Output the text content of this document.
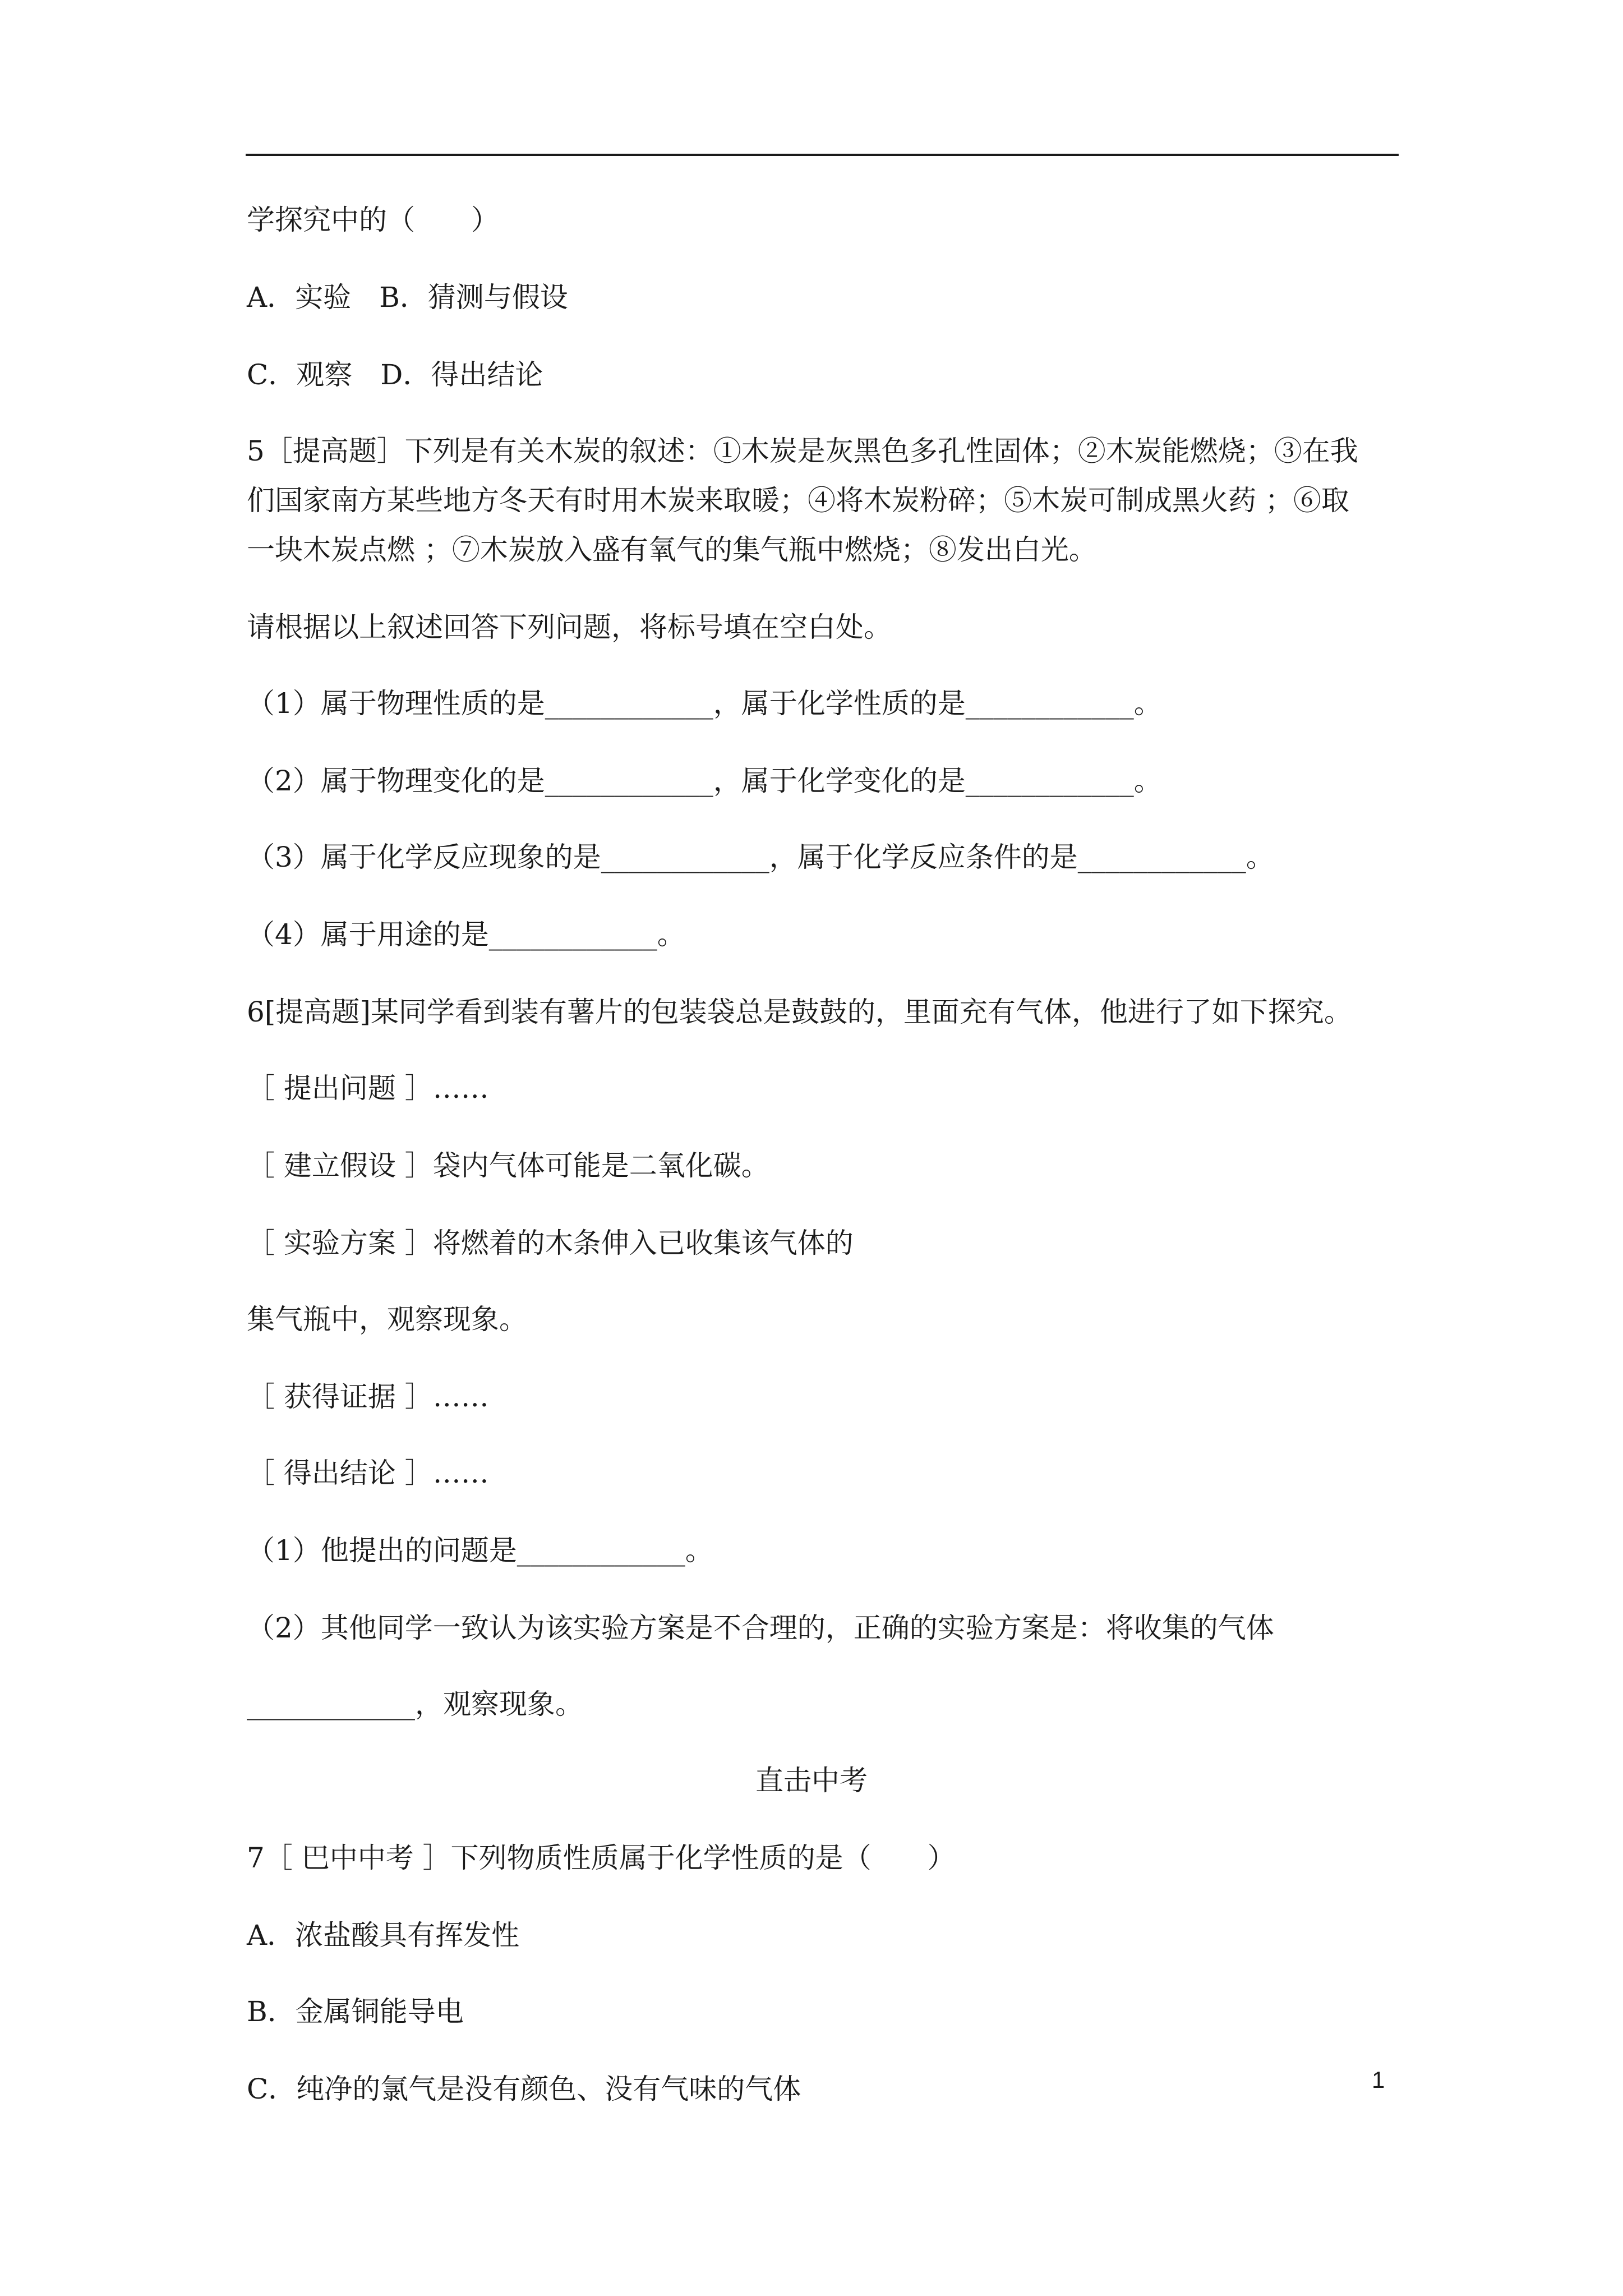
学探究中的（　　）
A．实验　B．猜测与假设
C．观察　D．得出结论
5［提高题］下列是有关木炭的叙述：①木炭是灰黑色多孔性固体；②木炭能燃烧；③在我
们国家南方某些地方冬天有时用木炭来取暖；④将木炭粉碎；⑤木炭可制成黑火药 ；⑥取
一块木炭点燃 ；⑦木炭放入盛有氧气的集气瓶中燃烧；⑧发出白光。
请根据以上叙述回答下列问题，将标号填在空白处。
（1）属于物理性质的是____________，属于化学性质的是____________。
（2）属于物理变化的是____________，属于化学变化的是____________。
（3）属于化学反应现象的是____________，属于化学反应条件的是____________。
（4）属于用途的是____________。
6[提高题]某同学看到装有薯片的包装袋总是鼓鼓的，里面充有气体，他进行了如下探究。
［ 提出问题 ］……
［ 建立假设 ］袋内气体可能是二氧化碳。
［ 实验方案 ］将燃着的木条伸入已收集该气体的
集气瓶中，观察现象。
［ 获得证据 ］……
［ 得出结论 ］……
（1）他提出的问题是____________。
（2）其他同学一致认为该实验方案是不合理的，正确的实验方案是：将收集的气体
____________，观察现象。
直击中考
7［ 巴中中考 ］下列物质性质属于化学性质的是（　　）
A．浓盐酸具有挥发性
B．金属铜能导电
C．纯净的氯气是没有颜色、没有气味的气体	1
